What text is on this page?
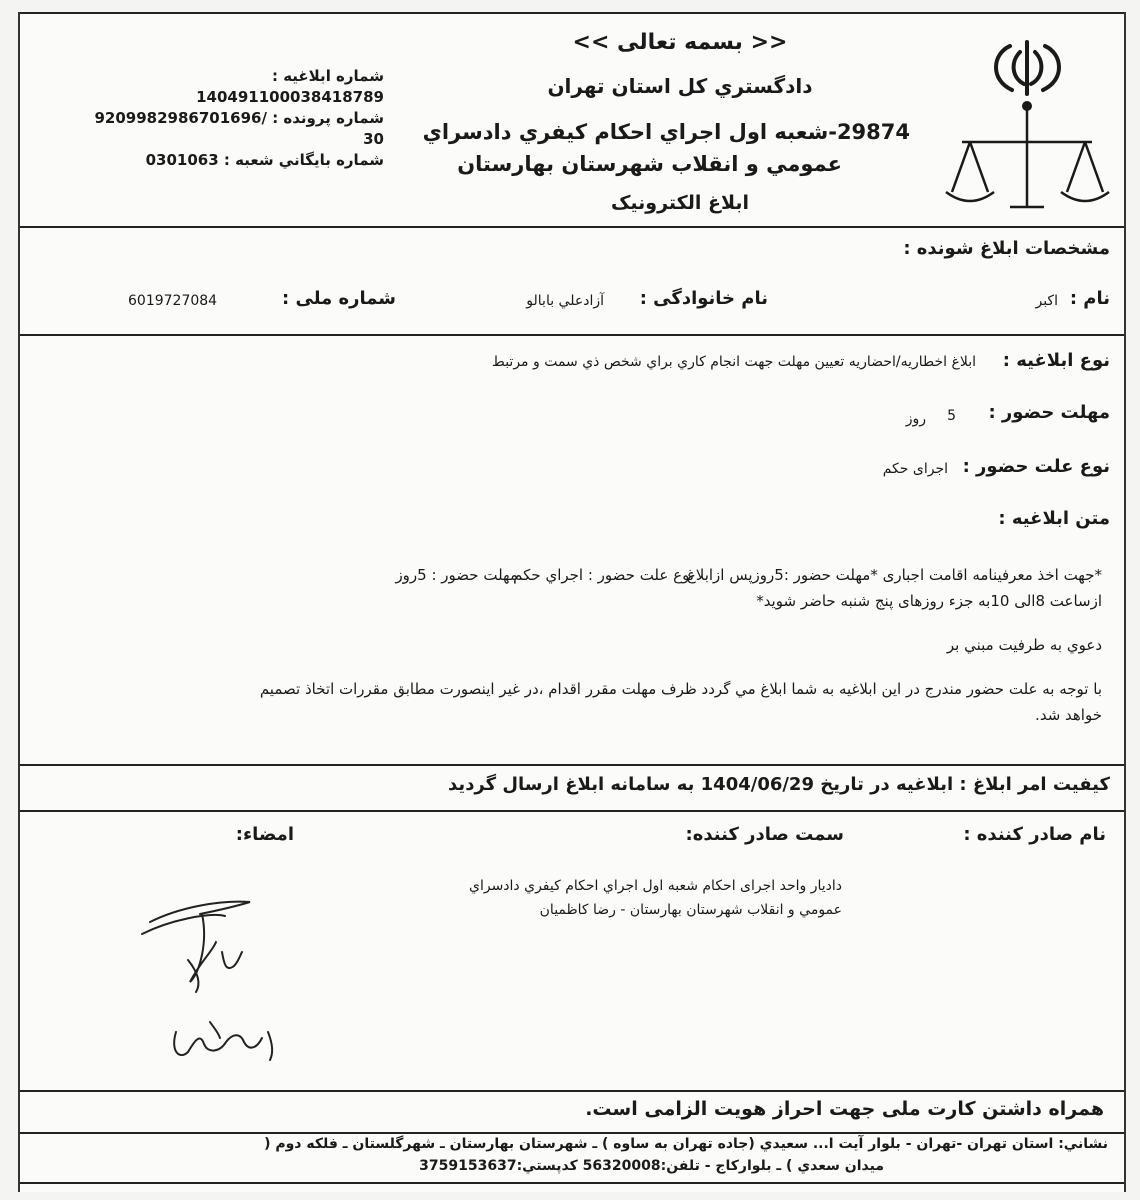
<< بسمه تعالی >>
دادگستري كل استان تهران
29874-شعبه اول اجراي احكام كيفري دادسراي
عمومي و انقلاب شهرستان بهارستان
ابلاغ الکترونیک
شماره ابلاغيه :
140491100038418789
شماره پرونده : 9209982986701696/
30
شماره بايگاني شعبه : 0301063
مشخصات ابلاغ شونده :
نام :
اكبر
نام خانوادگی :
آزادعلي بابالو
شماره ملی :
6019727084
نوع ابلاغيه :
ابلاغ اخطاريه/احضاريه تعيين مهلت جهت انجام كاري براي شخص ذي سمت و مرتبط
مهلت حضور :
5
روز
نوع علت حضور :
اجرای حکم
متن ابلاغيه :
*جهت اخذ معرفینامه اقامت اجباری *مهلت حضور :5روزپس ازابلاغ
نوع علت حضور : اجراي حكم
مهلت حضور : 5روز
ازساعت 8الی 10به جزء روزهای پنج شنبه حاضر شوید*
دعوي به طرفيت مبني بر
با توجه به علت حضور مندرج در اين ابلاغيه به شما ابلاغ مي گردد ظرف مهلت مقرر اقدام ،در غير اينصورت مطابق مقررات اتخاذ تصميم
خواهد شد.
كيفيت امر ابلاغ : ابلاغيه در تاريخ 1404/06/29 به سامانه ابلاغ ارسال گرديد
نام صادر كننده :
سمت صادر كننده:
امضاء:
دادیار واحد اجرای احکام شعبه اول اجراي احكام كيفري دادسراي
عمومي و انقلاب شهرستان بهارستان - رضا كاظميان
همراه داشتن كارت ملی جهت احراز هويت الزامی است.
نشاني: استان تهران -تهران - بلوار آيت ا... سعيدي (جاده تهران به ساوه ) ـ شهرستان بهارستان ـ شهرگلستان ـ فلكه دوم (
ميدان سعدي ) ـ بلواركاج - تلفن:56320008 كدپستي:3759153637
